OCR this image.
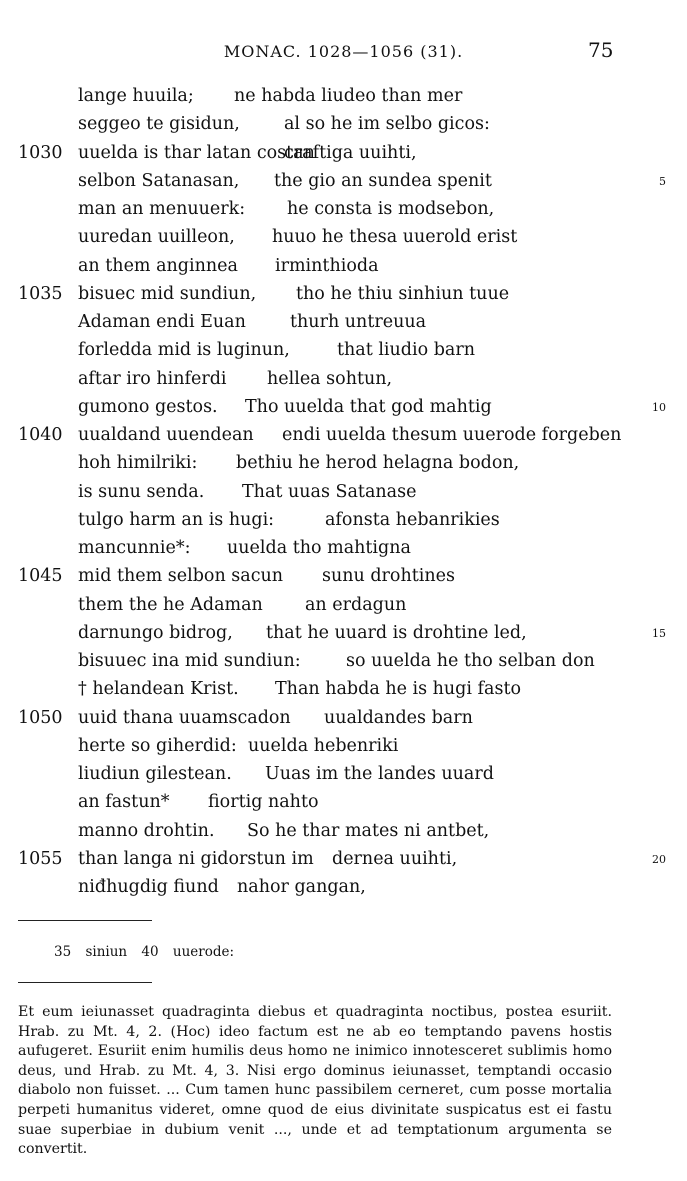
MONAC. 1028—1056 (31).	75
lange huuila; ne habda liudeo than mer
seggeo te gisidun,	al so he im selbo gicos:
1030 uuelda is thar latan costan
craftiga uuihti,
selbon Satanasan, the gio an sundea spenit	5
man an menuuerk: he consta is modsebon,
uuredan uuilleon, huuo he thesa uuerold erist
an them anginnea irminthioda
1035 bisuec mid sundiun, tho he thiu sinhiun tuue
Adaman endi Euan	thurh untreuua
forledda mid is luginun,	that liudio barn
aftar iro hinferdi hellea sohtun,
gumono gestos. Tho uuelda that god mahtig	10
1040 uualdand uuendean endi uuelda thesum uuerode forgeben
hoh himilriki: bethiu he herod helagna bodon,
is sunu senda. That uuas Satanase
tulgo harm an is hugi:	afonsta hebanrikies
mancunnie*: uuelda tho mahtigna
1045 mid them selbon sacun sunu drohtines
them the he Adaman an erdagun
darnungo bidrog, that he uuard is drohtine led,	15
bisuuec ina mid sundiun:	so uuelda he tho selban don
† helandean Krist. Than habda he is hugi fasto
1050 uuid thana uuamscadon uualdandes barn
herte so giherdid: uuelda hebenriki
liudiun gilestean. Uuas im the landes uuard
an fastun* fiortig nahto
manno drohtin. So he thar mates ni antbet,
1055 than langa ni gidorstun im dernea uuihti,	20
niđhugdig fiund nahor gangan,
35 siniun 40 uuerode:
Et eum ieiunasset quadraginta diebus et quadraginta noctibus, postea esuriit. Hrab. zu Mt. 4, 2. (Hoc) ideo factum est ne ab eo temptando pavens hostis aufugeret. Esuriit enim humilis deus homo ne inimico innotesceret sublimis homo deus, und Hrab. zu Mt. 4, 3. Nisi ergo dominus ieiunasset, temptandi occasio diabolo non fuisset. ... Cum tamen hunc passibilem cerneret, cum posse mortalia perpeti humanitus videret, omne quod de eius divinitate suspicatus est ei fastu suae superbiae in dubium venit ..., unde et ad temptationum argumenta se convertit.
